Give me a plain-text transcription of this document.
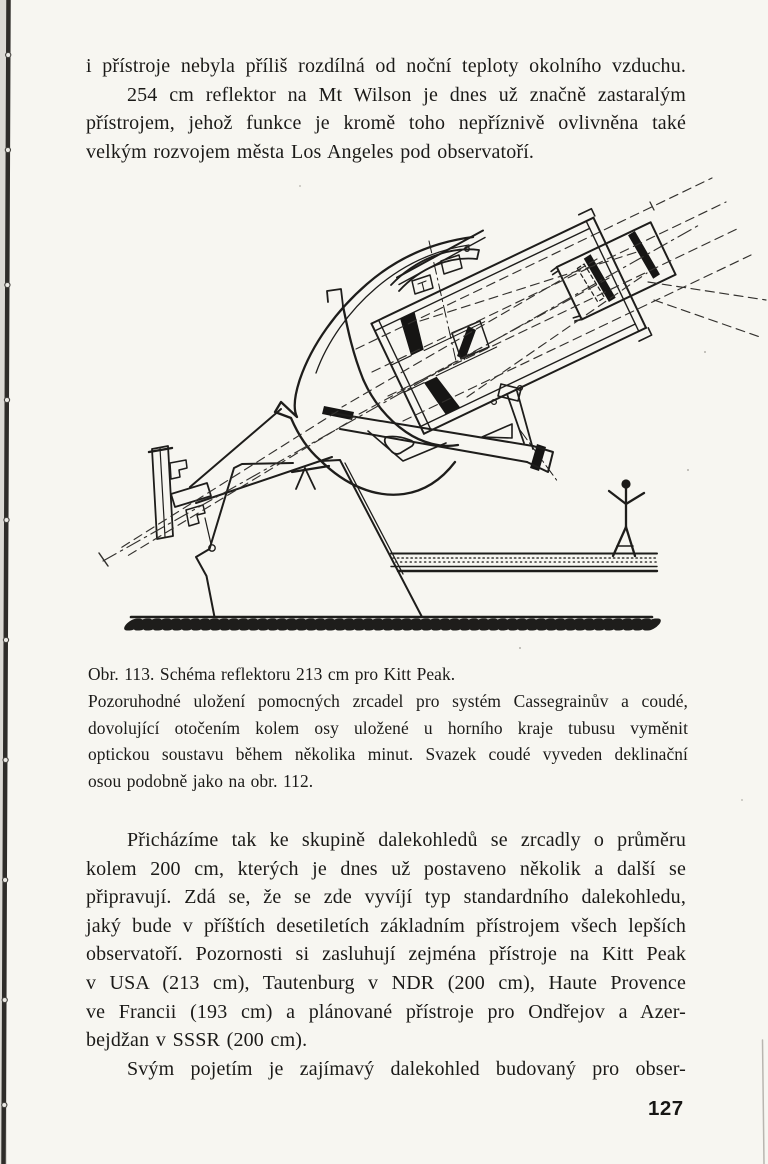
i přístroje nebyla příliš rozdílná od noční teploty okolního vzduchu.
254 cm reflektor na Mt Wilson je dnes už značně zastaralým
přístrojem, jehož funkce je kromě toho nepříznivě ovlivněna také
velkým rozvojem města Los Angeles pod observatoří.
Obr. 113. Schéma reflektoru 213 cm pro Kitt Peak.
Pozoruhodné uložení pomocných zrcadel pro systém Cassegrainův a coudé,
dovolující otočením kolem osy uložené u horního kraje tubusu vyměnit
optickou soustavu během několika minut. Svazek coudé vyveden deklinační
osou podobně jako na obr. 112.
Přicházíme tak ke skupině dalekohledů se zrcadly o průměru
kolem 200 cm, kterých je dnes už postaveno několik a další se
připravují. Zdá se, že se zde vyvíjí typ standardního dalekohledu,
jaký bude v příštích desetiletích základním přístrojem všech lepších
observatoří. Pozornosti si zasluhují zejména přístroje na Kitt Peak
v USA (213 cm), Tautenburg v NDR (200 cm), Haute Provence
ve Francii (193 cm) a plánované přístroje pro Ondřejov a Azer-
bejdžan v SSSR (200 cm).
Svým pojetím je zajímavý dalekohled budovaný pro obser-
127
